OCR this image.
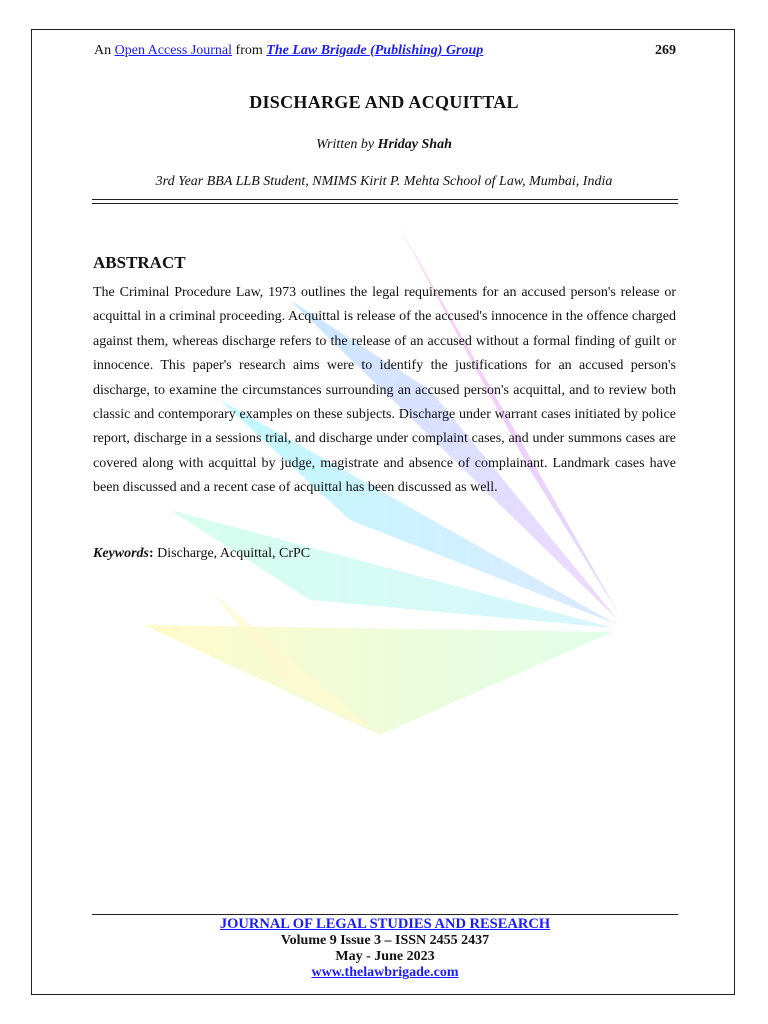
An Open Access Journal from The Law Brigade (Publishing) Group	269
DISCHARGE AND ACQUITTAL
Written by Hriday Shah
3rd Year BBA LLB Student, NMIMS Kirit P. Mehta School of Law, Mumbai, India
ABSTRACT

The Criminal Procedure Law, 1973 outlines the legal requirements for an accused person's release or acquittal in a criminal proceeding. Acquittal is release of the accused's innocence in the offence charged against them, whereas discharge refers to the release of an accused without a formal finding of guilt or innocence. This paper's research aims were to identify the justifications for an accused person's discharge, to examine the circumstances surrounding an accused person's acquittal, and to review both classic and contemporary examples on these subjects. Discharge under warrant cases initiated by police report, discharge in a sessions trial, and discharge under complaint cases, and under summons cases are covered along with acquittal by judge, magistrate and absence of complainant. Landmark cases have been discussed and a recent case of acquittal has been discussed as well.

Keywords: Discharge, Acquittal, CrPC
JOURNAL OF LEGAL STUDIES AND RESEARCH
Volume 9 Issue 3 – ISSN 2455 2437
May - June 2023
www.thelawbrigade.com
